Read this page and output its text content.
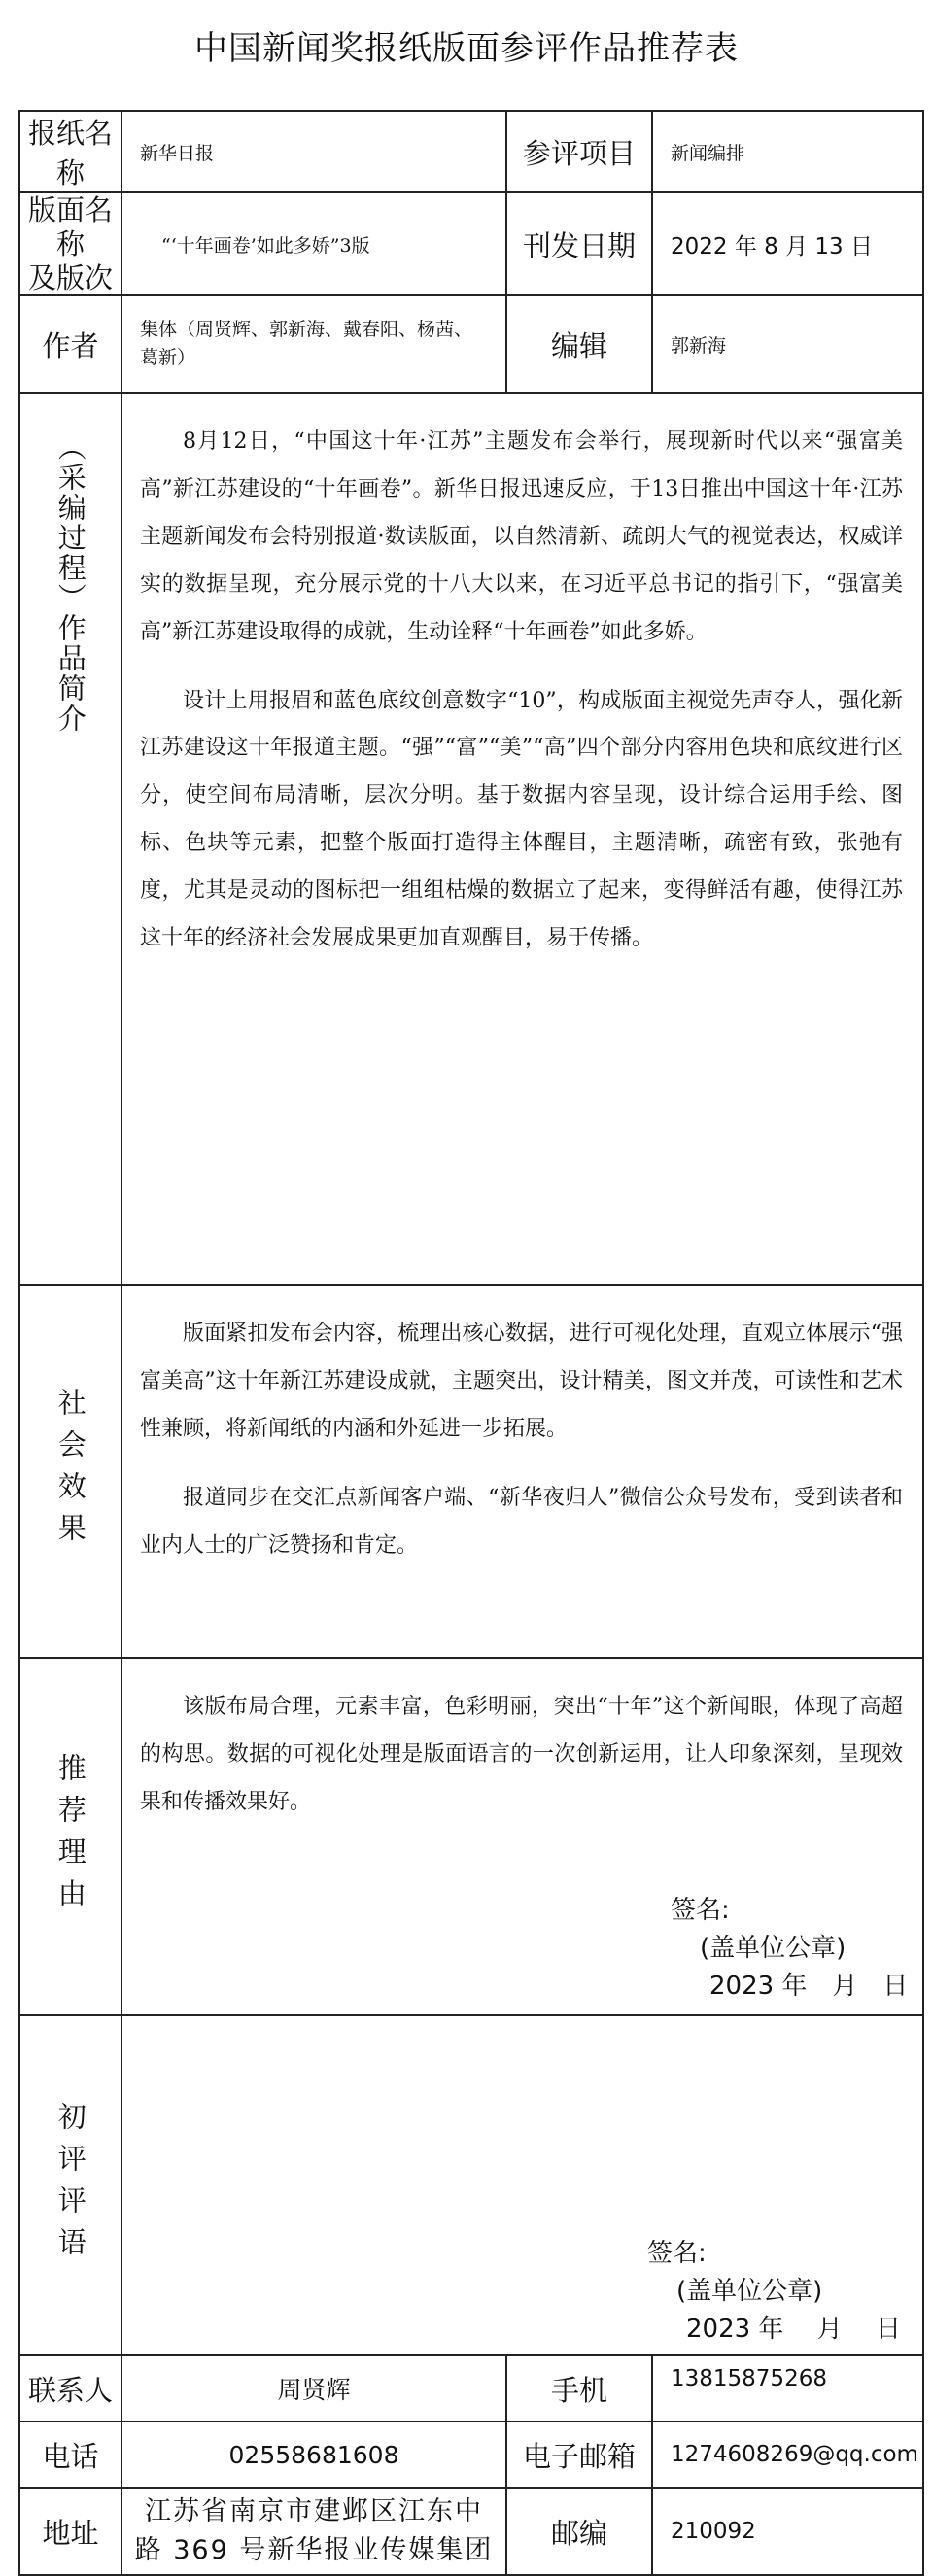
中国新闻奖报纸版面参评作品推荐表
报纸名称	新华日报	参评项目	新闻编排

版面名称
及版次	“‘十年画卷’如此多娇”3版	刊发日期	2022 年 8 月 13 日
作者	集体（周贤辉、郭新海、戴春阳、杨茜、葛新）	编辑	郭新海

（采编过程）作品简介	8月12日，“中国这十年·江苏”主题发布会举行，展现新时代以来“强富美高”新江苏建设的“十年画卷”。新华日报迅速反应，于13日推出中国这十年·江苏主题新闻发布会特别报道·数读版面，以自然清新、疏朗大气的视觉表达，权威详实的数据呈现，充分展示党的十八大以来，在习近平总书记的指引下，“强富美高”新江苏建设取得的成就，生动诠释“十年画卷”如此多娇。

设计上用报眉和蓝色底纹创意数字“10”，构成版面主视觉先声夺人，强化新江苏建设这十年报道主题。“强”“富”“美”“高”四个部分内容用色块和底纹进行区分，使空间布局清晰，层次分明。基于数据内容呈现，设计综合运用手绘、图标、色块等元素，把整个版面打造得主体醒目，主题清晰，疏密有致，张弛有度，尤其是灵动的图标把一组组枯燥的数据立了起来，变得鲜活有趣，使得江苏这十年的经济社会发展成果更加直观醒目，易于传播。		

社会效果	版面紧扣发布会内容，梳理出核心数据，进行可视化处理，直观立体展示“强富美高”这十年新江苏建设成就，主题突出，设计精美，图文并茂，可读性和艺术性兼顾，将新闻纸的内涵和外延进一步拓展。

报道同步在交汇点新闻客户端、“新华夜归人”微信公众号发布，受到读者和业内人士的广泛赞扬和肯定。		

推荐理由	该版布局合理，元素丰富，色彩明丽，突出“十年”这个新闻眼，体现了高超的构思。数据的可视化处理是版面语言的一次创新运用，让人印象深刻，呈现效果和传播效果好。

签名:
(盖单位公章)
2023 年　月　日		

初评评语	签名:
(盖单位公章)
2023 年　 月　 日		

联系人	周贤辉	手机	13815875268
电话	02558681608	电子邮箱	1274608269@qq.com
地址	江苏省南京市建邺区江东中
路 369 号新华报业传媒集团	邮编	210092
